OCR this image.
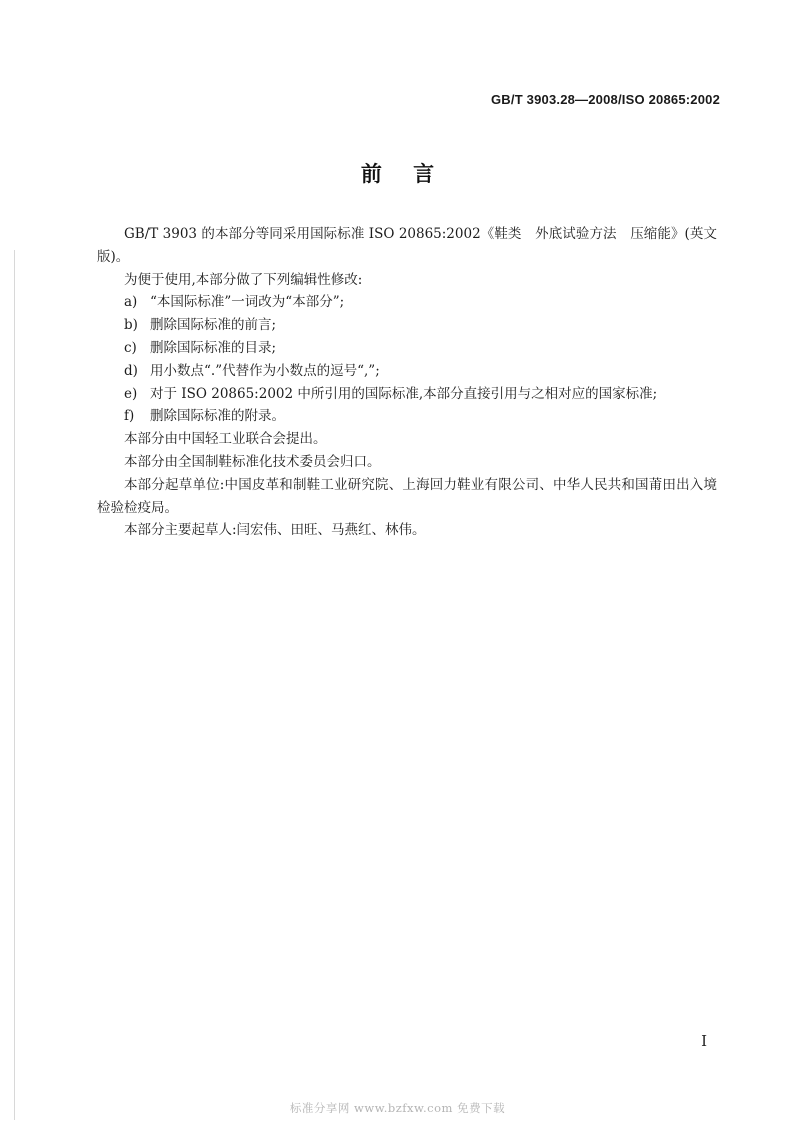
GB/T 3903.28—2008/ISO 20865:2002
前 言

GB/T 3903 的本部分等同采用国际标准 ISO 20865:2002《鞋类　外底试验方法　压缩能》(英文版)。

为便于使用,本部分做了下列编辑性修改:

a) “本国际标准”一词改为“本部分”;

b) 删除国际标准的前言;

c) 删除国际标准的目录;

d) 用小数点“.”代替作为小数点的逗号“,”;

e) 对于 ISO 20865:2002 中所引用的国际标准,本部分直接引用与之相对应的国家标准;

f) 删除国际标准的附录。

本部分由中国轻工业联合会提出。

本部分由全国制鞋标准化技术委员会归口。

本部分起草单位:中国皮革和制鞋工业研究院、上海回力鞋业有限公司、中华人民共和国莆田出入境检验检疫局。

本部分主要起草人:闫宏伟、田旺、马燕红、林伟。

I
标准分享网 www.bzfxw.com 免费下载
